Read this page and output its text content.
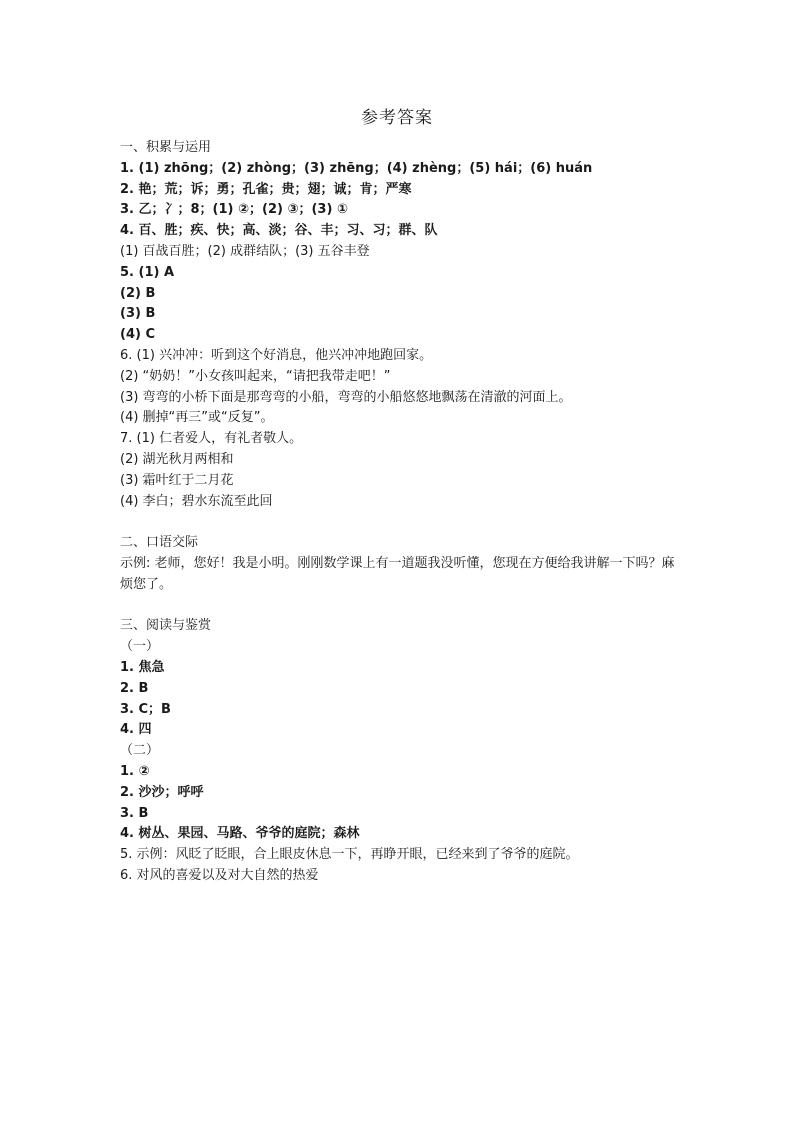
参考答案
一、积累与运用
1. (1) zhōng；(2) zhòng；(3) zhēng；(4) zhèng；(5) hái；(6) huán
2. 艳；荒；诉；勇；孔雀；贵；翅；诚；肯；严寒
3. 乙；冫；8；(1) ②；(2) ③；(3) ①
4. 百、胜；疾、快；高、淡；谷、丰；习、习；群、队
(1) 百战百胜；(2) 成群结队；(3) 五谷丰登
5. (1) A
(2) B
(3) B
(4) C
6. (1) 兴冲冲：听到这个好消息，他兴冲冲地跑回家。
(2) “奶奶！”小女孩叫起来，“请把我带走吧！”
(3) 弯弯的小桥下面是那弯弯的小船，弯弯的小船悠悠地飘荡在清澈的河面上。
(4) 删掉“再三”或“反复”。
7. (1) 仁者爱人，有礼者敬人。
(2) 湖光秋月两相和
(3) 霜叶红于二月花
(4) 李白；碧水东流至此回
二、口语交际
示例: 老师，您好！我是小明。刚刚数学课上有一道题我没听懂，您现在方便给我讲解一下吗？麻烦您了。
三、阅读与鉴赏
（一）
1. 焦急
2. B
3. C；B
4. 四
（二）
1. ②
2. 沙沙；呼呼
3. B
4. 树丛、果园、马路、爷爷的庭院；森林
5. 示例：风眨了眨眼，合上眼皮休息一下，再睁开眼，已经来到了爷爷的庭院。
6. 对风的喜爱以及对大自然的热爱
